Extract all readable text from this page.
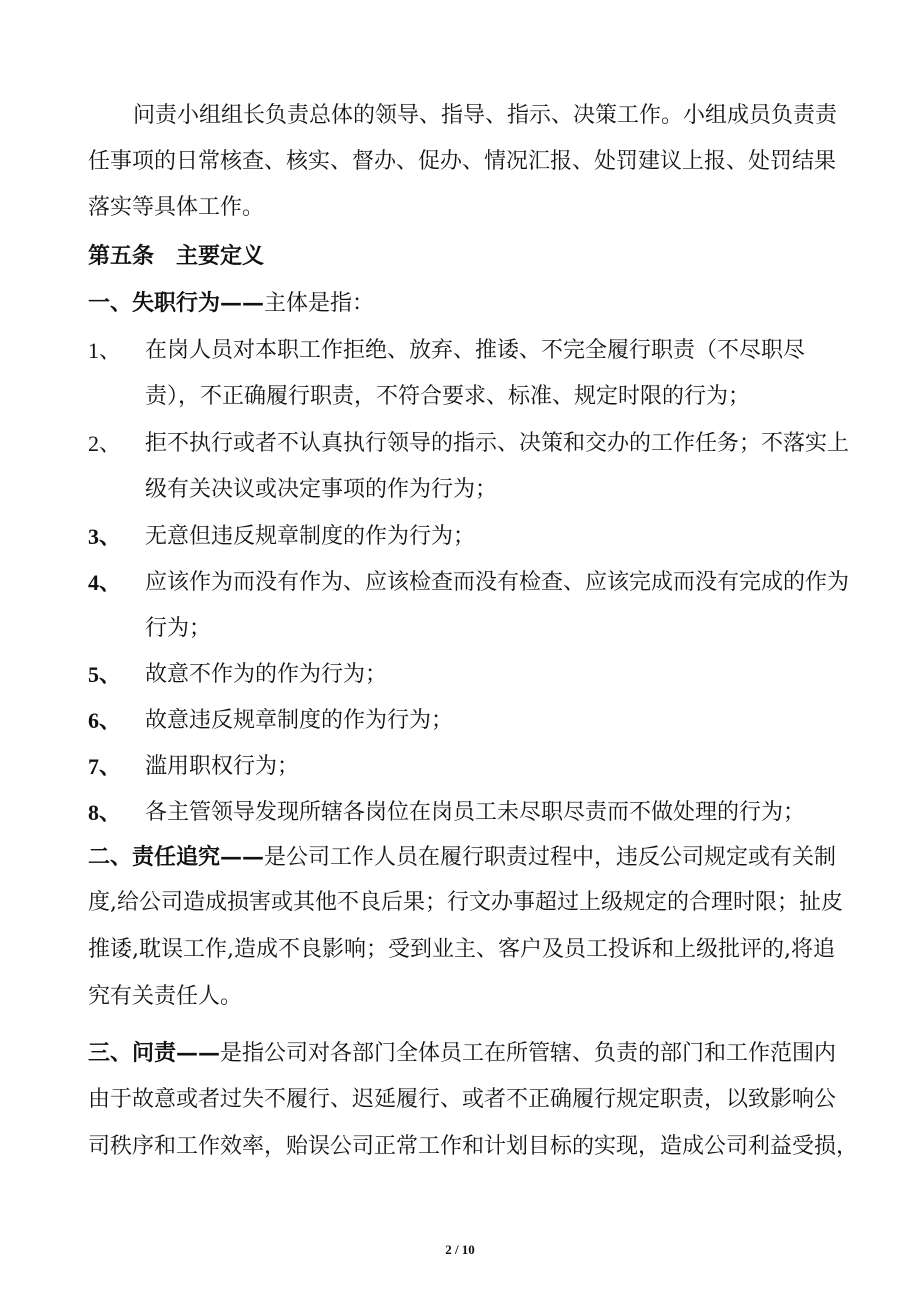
问责小组组长负责总体的领导、指导、指示、决策工作。小组成员负责责
任事项的日常核查、核实、督办、促办、情况汇报、处罚建议上报、处罚结果
落实等具体工作。
第五条　主要定义
一、失职行为——主体是指：
1、 在岗人员对本职工作拒绝、放弃、推诿、不完全履行职责（不尽职尽
责），不正确履行职责，不符合要求、标准、规定时限的行为；
2、 拒不执行或者不认真执行领导的指示、决策和交办的工作任务；不落实上
级有关决议或决定事项的作为行为；
3、 无意但违反规章制度的作为行为；
4、 应该作为而没有作为、应该检查而没有检查、应该完成而没有完成的作为
行为；
5、 故意不作为的作为行为；
6、 故意违反规章制度的作为行为；
7、 滥用职权行为；
8、 各主管领导发现所辖各岗位在岗员工未尽职尽责而不做处理的行为；
二、责任追究——是公司工作人员在履行职责过程中，违反公司规定或有关制
度,给公司造成损害或其他不良后果；行文办事超过上级规定的合理时限；扯皮
推诿,耽误工作,造成不良影响；受到业主、客户及员工投诉和上级批评的,将追
究有关责任人。
三、问责——是指公司对各部门全体员工在所管辖、负责的部门和工作范围内
由于故意或者过失不履行、迟延履行、或者不正确履行规定职责，以致影响公
司秩序和工作效率，贻误公司正常工作和计划目标的实现，造成公司利益受损，
2 / 10
